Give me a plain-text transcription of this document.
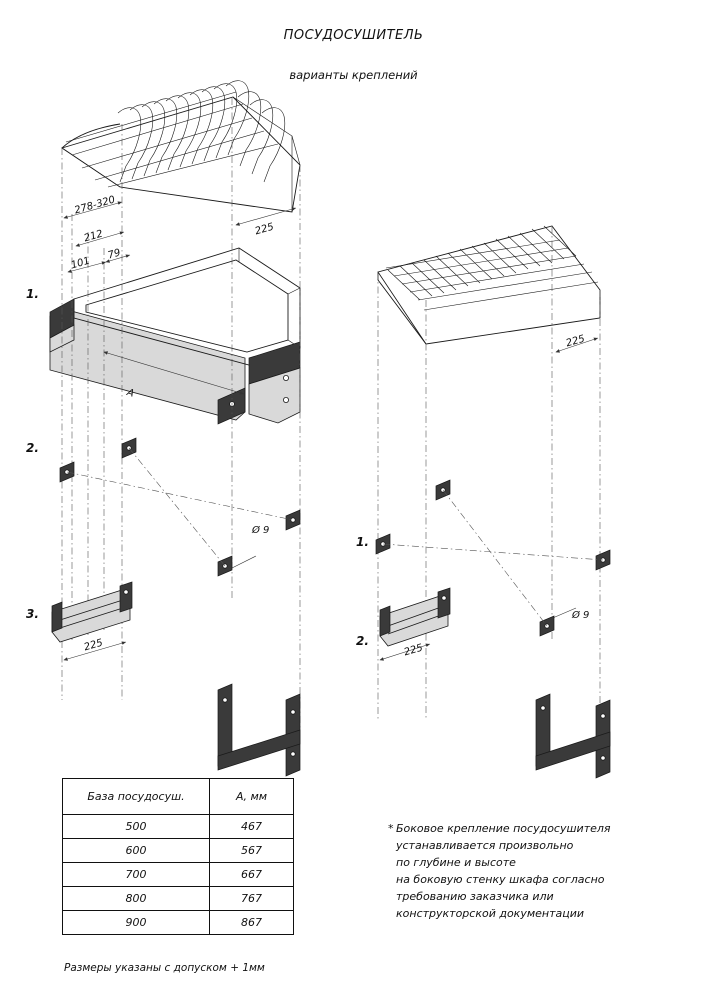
ПОСУДОСУШИТЕЛЬ
варианты креплений
278-320
212
101
79
225
A
225
Ø 9
1.
2.
3.
225
225
Ø 9
1.
2.
База посудосуш.	А, мм
500	467
600	567
700	667
800	767
900	867
Размеры указаны с допуском + 1мм
* Боковое крепление посудосушителя
устанавливается произвольно
по глубине и высоте
на боковую стенку шкафа согласно
требованию заказчика или
конструкторской документации
